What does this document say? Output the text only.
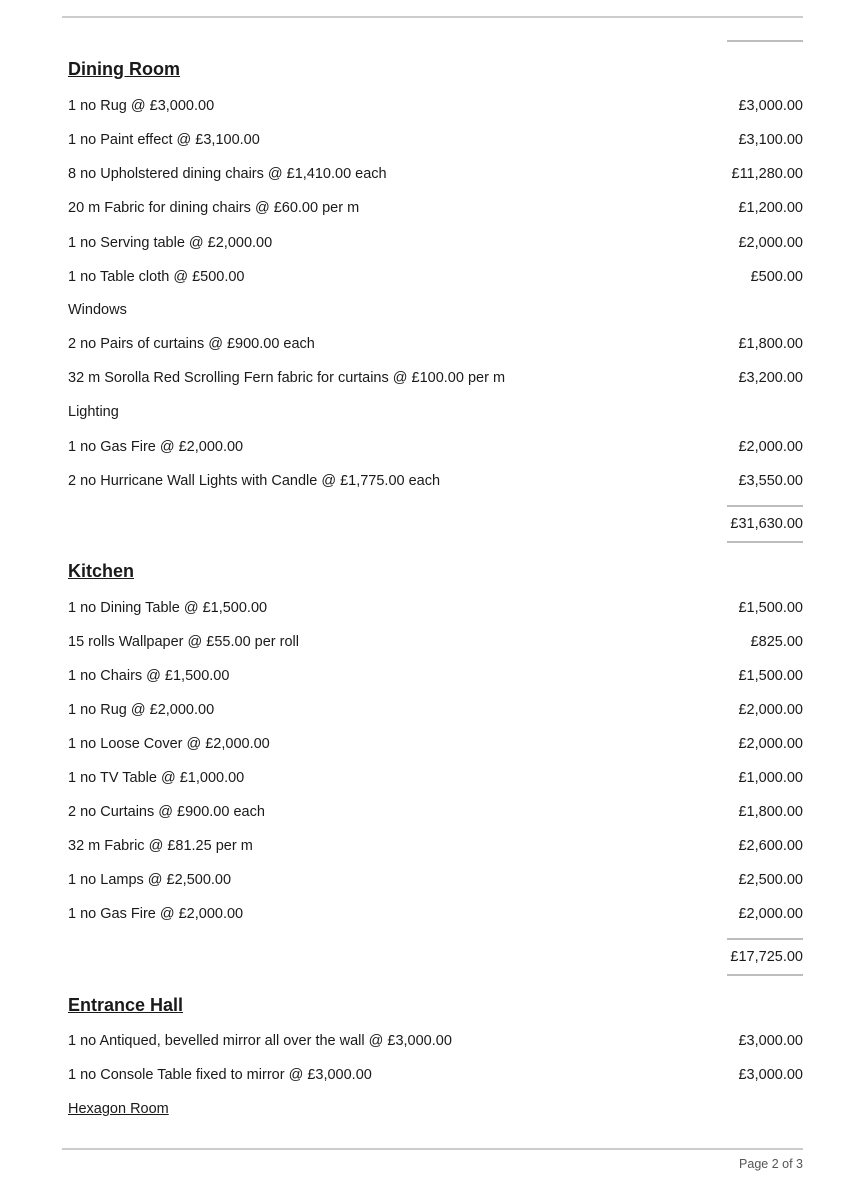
Dining Room
1 no Rug @ £3,000.00	£3,000.00
1 no Paint effect @ £3,100.00	£3,100.00
8 no Upholstered dining chairs @ £1,410.00 each	£11,280.00
20 m Fabric for dining chairs @ £60.00 per m	£1,200.00
1 no Serving table @ £2,000.00	£2,000.00
1 no Table cloth @ £500.00	£500.00
Windows
2 no Pairs of curtains @ £900.00 each	£1,800.00
32 m Sorolla Red Scrolling Fern fabric for curtains @ £100.00 per m	£3,200.00
Lighting
1 no Gas Fire @ £2,000.00	£2,000.00
2 no Hurricane Wall Lights with Candle @ £1,775.00 each	£3,550.00
£31,630.00
Kitchen
1 no Dining Table @ £1,500.00	£1,500.00
15 rolls Wallpaper @ £55.00 per roll	£825.00
1 no Chairs @ £1,500.00	£1,500.00
1 no Rug @ £2,000.00	£2,000.00
1 no Loose Cover @ £2,000.00	£2,000.00
1 no TV Table @ £1,000.00	£1,000.00
2 no Curtains @ £900.00 each	£1,800.00
32 m Fabric @ £81.25 per m	£2,600.00
1 no Lamps @ £2,500.00	£2,500.00
1 no Gas Fire @ £2,000.00	£2,000.00
£17,725.00
Entrance Hall
1 no Antiqued, bevelled mirror all over the wall @ £3,000.00	£3,000.00
1 no Console Table fixed to mirror @ £3,000.00	£3,000.00
Hexagon Room
Page 2 of 3
